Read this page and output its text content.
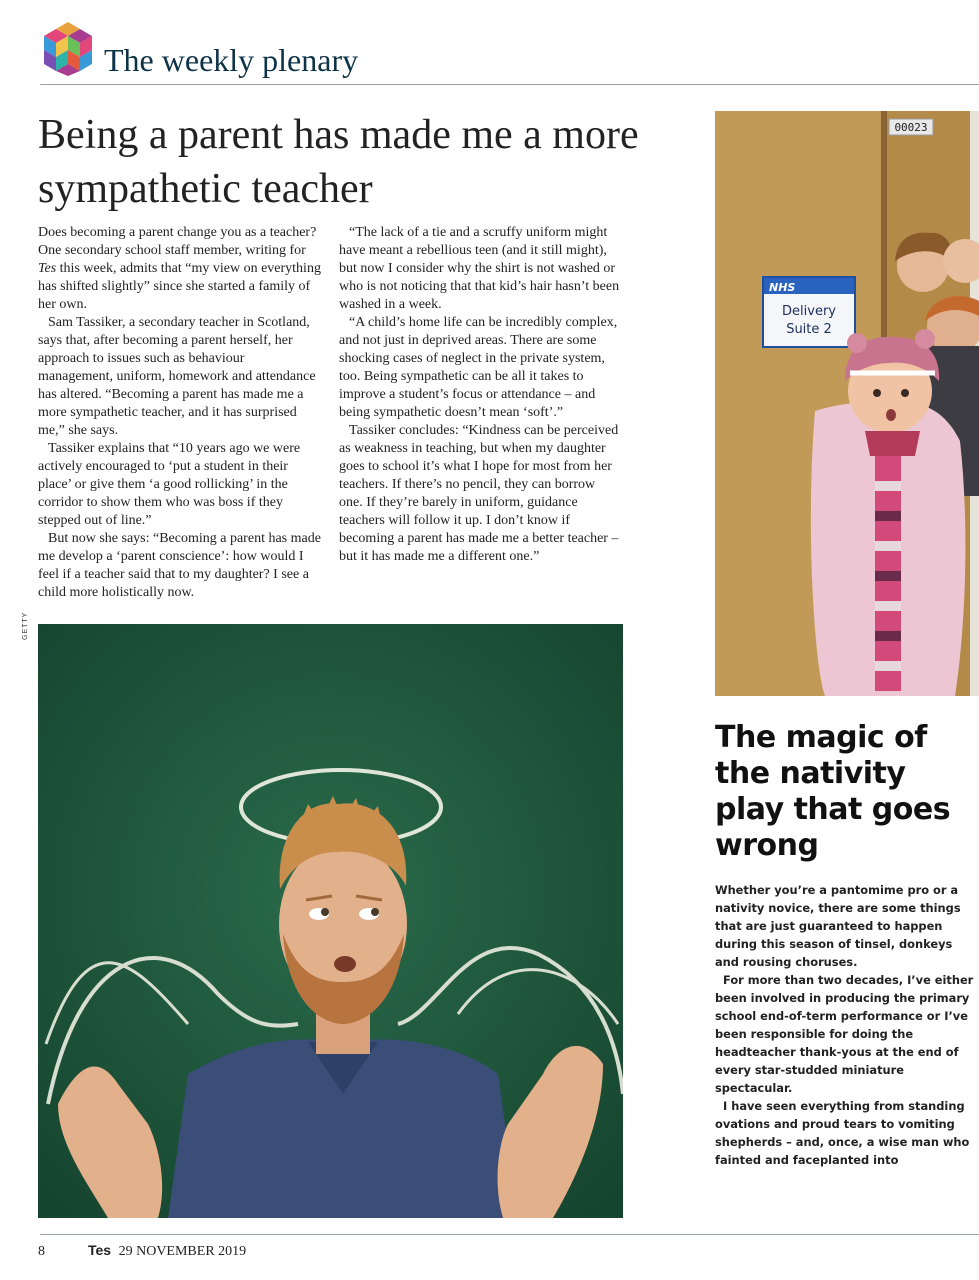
The weekly plenary
Being a parent has made me a more sympathetic teacher

Does becoming a parent change you as a teacher? One secondary school staff member, writing for Tes this week, admits that “my view on everything has shifted slightly” since she started a family of her own.

Sam Tassiker, a secondary teacher in Scotland, says that, after becoming a parent herself, her approach to issues such as behaviour management, uniform, homework and attendance has altered. “Becoming a parent has made me a more sympathetic teacher, and it has surprised me,” she says.

Tassiker explains that “10 years ago we were actively encouraged to ‘put a student in their place’ or give them ‘a good rollicking’ in the corridor to show them who was boss if they stepped out of line.”

But now she says: “Becoming a parent has made me develop a ‘parent conscience’: how would I feel if a teacher said that to my daughter? I see a child more holistically now.

“The lack of a tie and a scruffy uniform might have meant a rebellious teen (and it still might), but now I consider why the shirt is not washed or who is not noticing that that kid’s hair hasn’t been washed in a week.

“A child’s home life can be incredibly complex, and not just in deprived areas. There are some shocking cases of neglect in the private system, too. Being sympathetic can be all it takes to improve a student’s focus or attendance – and being sympathetic doesn’t mean ‘soft’.”

Tassiker concludes: “Kindness can be perceived as weakness in teaching, but when my daughter goes to school it’s what I hope for most from her teachers. If there’s no pencil, they can borrow one. If they’re barely in uniform, guidance teachers will follow it up. I don’t know if becoming a parent has made me a better teacher – but it has made me a different one.”

GETTY
00023
NHS
Delivery
Suite 2
The magic of the nativity play that goes wrong

Whether you’re a pantomime pro or a nativity novice, there are some things that are just guaranteed to happen during this season of tinsel, donkeys and rousing choruses.

For more than two decades, I’ve either been involved in producing the primary school end-of-term performance or I’ve been responsible for doing the headteacher thank-yous at the end of every star-studded miniature spectacular.

I have seen everything from standing ovations and proud tears to vomiting shepherds – and, once, a wise man who fainted and faceplanted into

8	Tes 29 NOVEMBER 2019
